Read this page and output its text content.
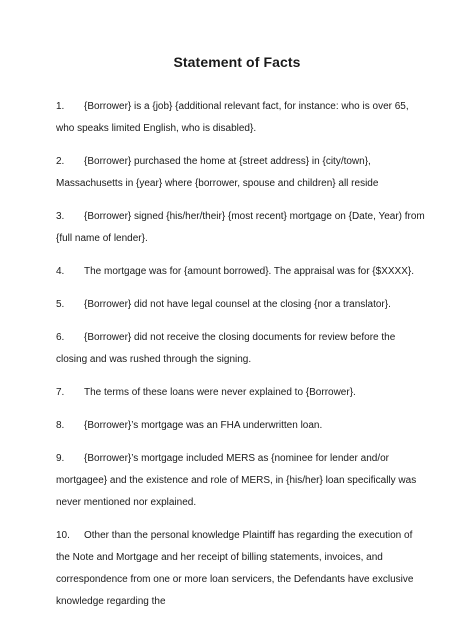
Statement of Facts
1.	{Borrower} is a {job} {additional relevant fact, for instance: who is over 65, who speaks limited English, who is disabled}.
2.	{Borrower} purchased the home at {street address} in {city/town}, Massachusetts in {year} where {borrower, spouse and children} all reside
3.	{Borrower} signed {his/her/their} {most recent} mortgage on {Date, Year) from {full name of lender}.
4.	The mortgage was for {amount borrowed}. The appraisal was for {$XXXX}.
5.	{Borrower} did not have legal counsel at the closing {nor a translator}.
6.	{Borrower} did not receive the closing documents for review before the closing and was rushed through the signing.
7.	The terms of these loans were never explained to {Borrower}.
8.	{Borrower}’s mortgage was an FHA underwritten loan.
9.	{Borrower}’s mortgage included MERS as {nominee for lender and/or mortgagee} and the existence and role of MERS, in {his/her} loan specifically was never mentioned nor explained.
10.	Other than the personal knowledge Plaintiff has regarding the execution of the Note and Mortgage and her receipt of billing statements, invoices, and correspondence from one or more loan servicers, the Defendants have exclusive knowledge regarding the
